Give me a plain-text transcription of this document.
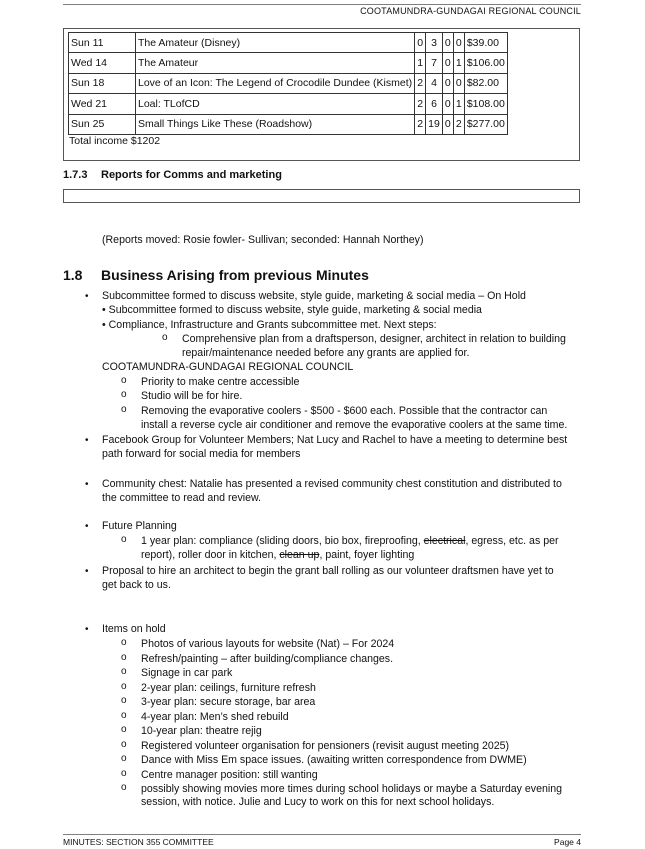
COOTAMUNDRA-GUNDAGAI REGIONAL COUNCIL
Sun 11	The Amateur (Disney)	0	3	0	0	$39.00
Wed 14	The Amateur	1	7	0	1	$106.00
Sun 18	Love of an Icon: The Legend of Crocodile Dundee (Kismet)	2	4	0	0	$82.00
Wed 21	Loal: TLofCD	2	6	0	1	$108.00
Sun 25	Small Things Like These (Roadshow)	2	19	0	2	$277.00
Total income $1202
1.7.3 Reports for Comms and marketing
(Reports moved: Rosie fowler- Sullivan; seconded: Hannah Northey)
1.8 Business Arising from previous Minutes
• Subcommittee formed to discuss website, style guide, marketing & social media – On Hold
• Subcommittee formed to discuss website, style guide, marketing & social media
• Compliance, Infrastructure and Grants subcommittee met. Next steps:
o Comprehensive plan from a draftsperson, designer, architect in relation to building
repair/maintenance needed before any grants are applied for.
COOTAMUNDRA-GUNDAGAI REGIONAL COUNCIL
o Priority to make centre accessible
o Studio will be for hire.
o Removing the evaporative coolers - $500 - $600 each. Possible that the contractor can
install a reverse cycle air conditioner and remove the evaporative coolers at the same time.
• Facebook Group for Volunteer Members; Nat Lucy and Rachel to have a meeting to determine best
path forward for social media for members
• Community chest: Natalie has presented a revised community chest constitution and distributed to
the committee to read and review.
• Future Planning
o 1 year plan: compliance (sliding doors, bio box, fireproofing, electrical, egress, etc. as per
report), roller door in kitchen, clean up, paint, foyer lighting
• Proposal to hire an architect to begin the grant ball rolling as our volunteer draftsmen have yet to
get back to us.
• Items on hold
o Photos of various layouts for website (Nat) – For 2024
o Refresh/painting – after building/compliance changes.
o Signage in car park
o 2-year plan: ceilings, furniture refresh
o 3-year plan: secure storage, bar area
o 4-year plan: Men’s shed rebuild
o 10-year plan: theatre rejig
o Registered volunteer organisation for pensioners (revisit august meeting 2025)
o Dance with Miss Em space issues. (awaiting written correspondence from DWME)
o Centre manager position: still wanting
o possibly showing movies more times during school holidays or maybe a Saturday evening
session, with notice. Julie and Lucy to work on this for next school holidays.
MINUTES: SECTION 355 COMMITTEE	Page 4
